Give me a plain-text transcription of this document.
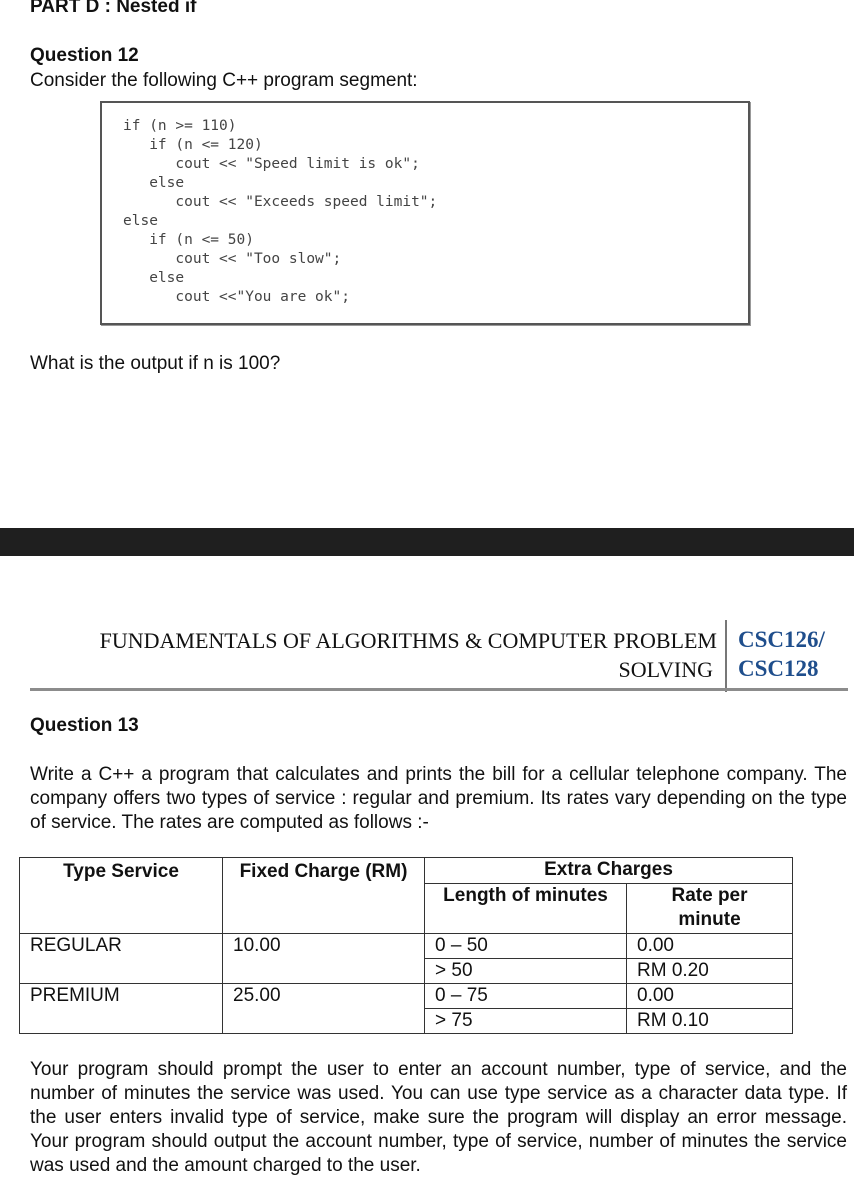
PART D : Nested if
Question 12
Consider the following C++ program segment:
if (n >= 110)
if (n <= 120)
cout << "Speed limit is ok";
else
cout << "Exceeds speed limit";
else
if (n <= 50)
cout << "Too slow";
else
cout <<"You are ok";
What is the output if n is 100?
FUNDAMENTALS OF ALGORITHMS & COMPUTER PROBLEM
SOLVING
CSC126/
CSC128
Question 13
Write a C++ a program that calculates and prints the bill for a cellular telephone company. The company offers two types of service : regular and premium. Its rates vary depending on the type of service. The rates are computed as follows :-
Type Service	Fixed Charge (RM)	Extra Charges	
		Length of minutes	Rate per minute
REGULAR	10.00	0 – 50	0.00
		> 50	RM 0.20
PREMIUM	25.00	0 – 75	0.00
		> 75	RM 0.10
Your program should prompt the user to enter an account number, type of service, and the number of minutes the service was used. You can use type service as a character data type. If the user enters invalid type of service, make sure the program will display an error message. Your program should output the account number, type of service, number of minutes the service was used and the amount charged to the user.
